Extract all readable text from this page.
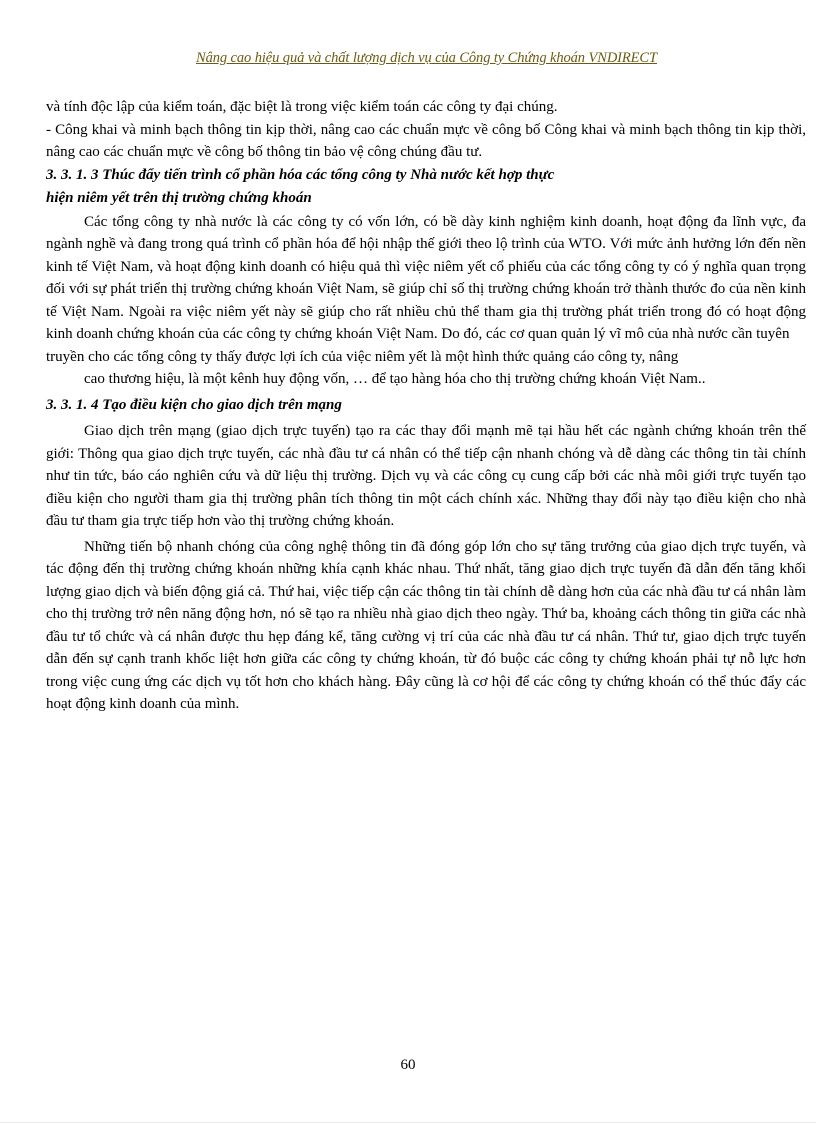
Nâng cao hiệu quả và chất lượng dịch vụ của Công ty Chứng khoán VNDIRECT

và tính độc lập của kiểm toán, đặc biệt là trong việc kiểm toán các công ty đại chúng.

- Công khai và minh bạch thông tin kịp thời, nâng cao các chuẩn mực về công bố Công khai và minh bạch thông tin kịp thời, nâng cao các chuẩn mực về công bố thông tin bảo vệ công chúng đầu tư.

3. 3. 1. 3 Thúc đẩy tiến trình cổ phần hóa các tổng công ty Nhà nước kết hợp thực

hiện niêm yết trên thị trường chứng khoán

Các tổng công ty nhà nước là các công ty có vốn lớn, có bề dày kinh nghiệm kinh doanh, hoạt động đa lĩnh vực, đa ngành nghề và đang trong quá trình cổ phần hóa để hội nhập thế giới theo lộ trình của WTO. Với mức ảnh hưởng lớn đến nền kinh tế Việt Nam, và hoạt động kinh doanh có hiệu quả thì việc niêm yết cổ phiếu của các tổng công ty có ý nghĩa quan trọng đối với sự phát triển thị trường chứng khoán Việt Nam, sẽ giúp chỉ số thị trường chứng khoán trở thành thước đo của nền kinh tế Việt Nam. Ngoài ra việc niêm yết này sẽ giúp cho rất nhiều chủ thể tham gia thị trường phát triển trong đó có hoạt động kinh doanh chứng khoán của các công ty chứng khoán Việt Nam. Do đó, các cơ quan quản lý vĩ mô của nhà nước cần tuyên

truyền cho các tổng công ty thấy được lợi ích của việc niêm yết là một hình thức quảng cáo công ty, nâng

cao thương hiệu, là một kênh huy động vốn, … để tạo hàng hóa cho thị trường chứng khoán Việt Nam..

3. 3. 1. 4 Tạo điều kiện cho giao dịch trên mạng

Giao dịch trên mạng (giao dịch trực tuyến) tạo ra các thay đổi mạnh mẽ tại hầu hết các ngành chứng khoán trên thế giới: Thông qua giao dịch trực tuyến, các nhà đầu tư cá nhân có thể tiếp cận nhanh chóng và dễ dàng các thông tin tài chính như tin tức, báo cáo nghiên cứu và dữ liệu thị trường. Dịch vụ và các công cụ cung cấp bởi các nhà môi giới trực tuyến tạo điều kiện cho người tham gia thị trường phân tích thông tin một cách chính xác. Những thay đổi này tạo điều kiện cho nhà đầu tư tham gia trực tiếp hơn vào thị trường chứng khoán.

Những tiến bộ nhanh chóng của công nghệ thông tin đã đóng góp lớn cho sự tăng trưởng của giao dịch trực tuyến, và tác động đến thị trường chứng khoán những khía cạnh khác nhau. Thứ nhất, tăng giao dịch trực tuyến đã dẫn đến tăng khối lượng giao dịch và biến động giá cả. Thứ hai, việc tiếp cận các thông tin tài chính dễ dàng hơn của các nhà đầu tư cá nhân làm cho thị trường trở nên năng động hơn, nó sẽ tạo ra nhiều nhà giao dịch theo ngày. Thứ ba, khoảng cách thông tin giữa các nhà đầu tư tổ chức và cá nhân được thu hẹp đáng kể, tăng cường vị trí của các nhà đầu tư cá nhân. Thứ tư, giao dịch trực tuyến dẫn đến sự cạnh tranh khốc liệt hơn giữa các công ty chứng khoán, từ đó buộc các công ty chứng khoán phải tự nỗ lực hơn trong việc cung ứng các dịch vụ tốt hơn cho khách hàng. Đây cũng là cơ hội để các công ty chứng khoán có thể thúc đẩy các hoạt động kinh doanh của mình.

60
